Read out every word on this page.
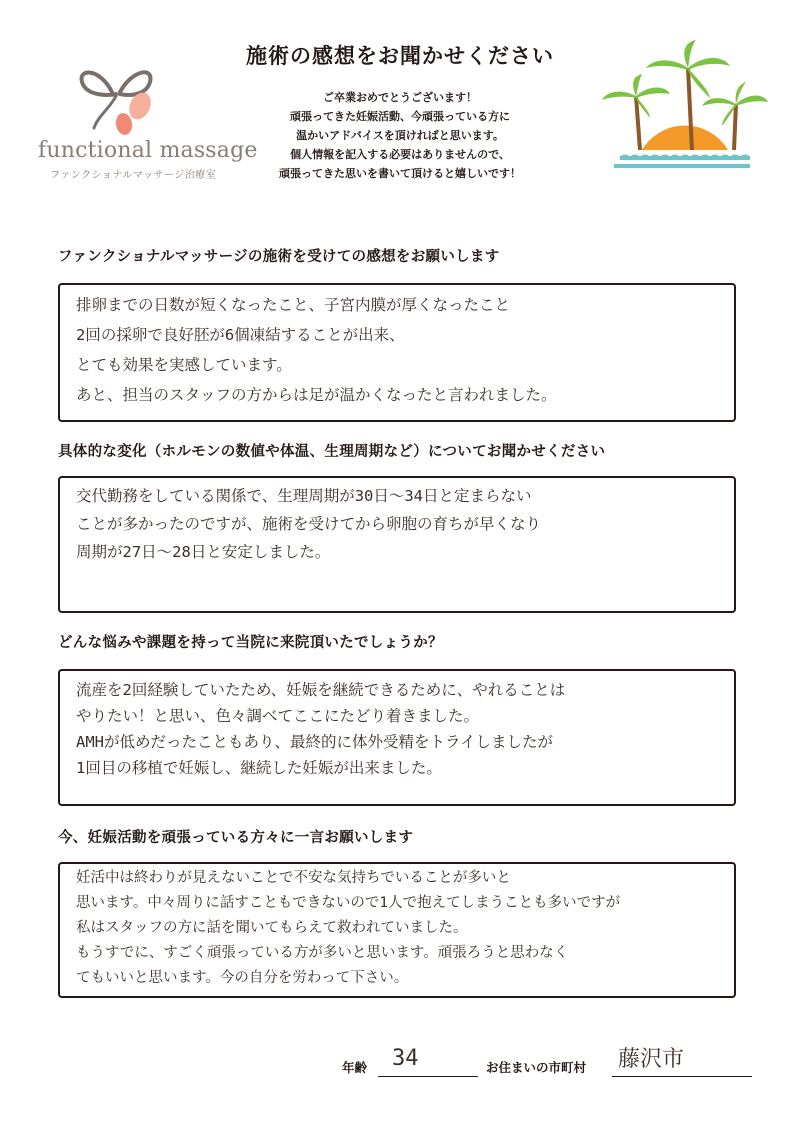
functional massage
ファンクショナルマッサージ治療室
施術の感想をお聞かせください
ご卒業おめでとうございます！
頑張ってきた妊娠活動、今頑張っている方に
温かいアドバイスを頂ければと思います。
個人情報を記入する必要はありませんので、
頑張ってきた思いを書いて頂けると嬉しいです！
ファンクショナルマッサージの施術を受けての感想をお願いします
排卵までの日数が短くなったこと、子宮内膜が厚くなったこと
2回の採卵で良好胚が6個凍結することが出来、
とても効果を実感しています。
あと、担当のスタッフの方からは足が温かくなったと言われました。
具体的な変化（ホルモンの数値や体温、生理周期など）についてお聞かせください
交代勤務をしている関係で、生理周期が30日～34日と定まらない
ことが多かったのですが、施術を受けてから卵胞の育ちが早くなり
周期が27日～28日と安定しました。
どんな悩みや課題を持って当院に来院頂いたでしょうか？
流産を2回経験していたため、妊娠を継続できるために、やれることは
やりたい！と思い、色々調べてここにたどり着きました。
AMHが低めだったこともあり、最終的に体外受精をトライしましたが
1回目の移植で妊娠し、継続した妊娠が出来ました。
今、妊娠活動を頑張っている方々に一言お願いします
妊活中は終わりが見えないことで不安な気持ちでいることが多いと
思います。中々周りに話すこともできないので1人で抱えてしまうことも多いですが
私はスタッフの方に話を聞いてもらえて救われていました。
もうすでに、すごく頑張っている方が多いと思います。頑張ろうと思わなく
てもいいと思います。今の自分を労わって下さい。
年齢 34	お住まいの市町村 藤沢市
